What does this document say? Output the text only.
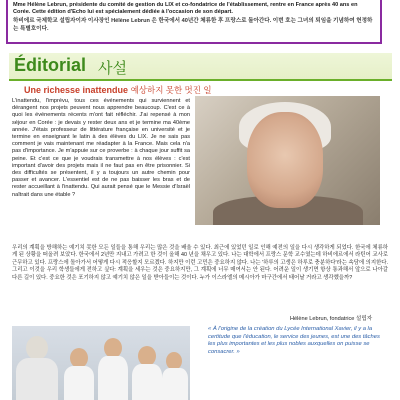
Mme Hélène Lebrun, présidente du comité de gestion du LIX et co-fondatrice de l'établissement, rentre en France après 40 ans en Corée. Cette édition d'Echo lui est spécialement dédiée à l'occasion de son départ.

하비에르 국제학교 설립자이자 이사장인 Hélène Lebrun 은 한국에서 40년간 체류한 후 프랑스로 돌아간다. 이번 호는 그녀의 퇴임을 기념하여 헌정하는 특별호이다.

Éditorial 사설
Une richesse inattendue 예상하지 못한 멋진 일
L'inattendu, l'imprévu, tous ces événements qui surviennent et dérangent nos projets peuvent nous apprendre beaucoup. C'est ce à quoi les événements récents m'ont fait réfléchir. J'ai repensé à mon séjour en Corée : je devais y rester deux ans et je termine ma 40ème année. J'étais professeur de littérature française en université et je termine en enseignant le latin à des élèves du LIX. Je ne sais pas comment je vais maintenant me réadapter à la France. Mais cela n'a pas d'importance. Je m'appuie sur ce proverbe : à chaque jour suffit sa peine. Et c'est ce que je voudrais transmettre à nos élèves : c'est important d'avoir des projets mais il ne faut pas en être prisonnier. Si des difficultés se présentent, il y a toujours un autre chemin pour passer et avancer. L'essentiel est de ne pas baisser les bras et de rester accueillant à l'inattendu. Qui aurait pensé que le Messie d'Israël naîtrait dans une étable ?
우리의 계획을 방해하는 예기치 못한 모든 일들을 통해 우리는 많은 것을 배울 수 있다. 최근에 있었던 일로 인해 예전의 일을 다시 생각하게 되었다. 한국에 체류하게 된 상황을 떠올려 보았다. 한국에서 2년만 지내고 가려고 한 것이 올해 40 년을 채우고 있다. 나는 대학에서 프랑스 문학 교수였는데 하비에르에서 라틴어 교사로 근무하고 있다. 프랑스에 돌아가서 어떻게 다시 적응할지 모르겠다. 하지만 이런 고민은 중요하지 않다. 나는 '하루의 고생은 하루로 충분하다'라는 속담에 의지한다. 그리고 이것을 우리 학생들에게 전하고 싶다: 계획을 세우는 것은 중요하지만, 그 계획에 너무 매여서는 안 된다. 어려운 일이 생기면 항상 통과해서 앞으로 나아갈 다른 길이 있다. 중요한 것은 포기하지 않고 예기치 않은 일을 받아들이는 것이다. 누가 이스라엘의 메시아가 마구간에서 태어날 거라고 생각했을까?
Hélène Lebrun, fondatrice 설립자
« À l'origine de la création du Lycée International Xavier, il y a la certitude que l'éducation, le service des jeunes, est une des tâches les plus importantes et les plus nobles auxquelles on puisse se consacrer. »
